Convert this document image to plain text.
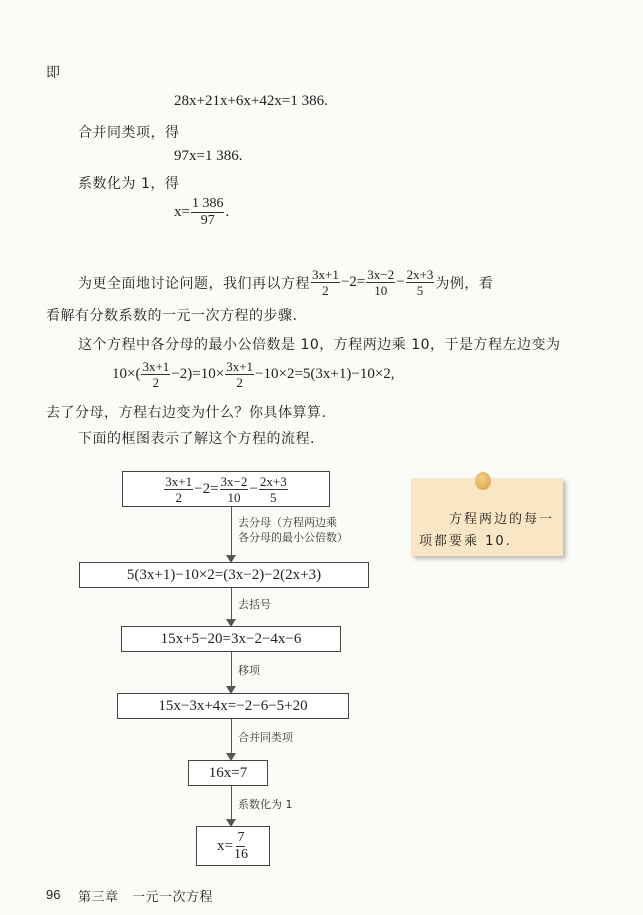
即
28x+21x+6x+42x=1 386.
合并同类项，得
97x=1 386.
系数化为 1，得
$x= \frac{1 386}{97}$ .
为更全面地讨论问题，我们再以方程 $\frac{3x+1}{2} -2= \frac{3x-2}{10} - \frac{2x+3}{5}$ 为例，看
看解有分数系数的一元一次方程的步骤.
这个方程中各分母的最小公倍数是 10，方程两边乘 10，于是方程左边变为
$10\times( \frac{3x+1}{2} -2)=10\times \frac{3x+1}{2} -10\times 2=5(3x+1)-10\times 2$,
去了分母，方程右边变为什么？你具体算算.
下面的框图表示了解这个方程的流程.
$\frac{3x+1}{2} -2= \frac{3x-2}{10} - \frac{2x+3}{5}$
去分母（方程两边乘
各分母的最小公倍数）
5(3x+1)−10×2=(3x−2)−2(2x+3)
去括号
15x+5−20=3x−2−4x−6
移项
15x−3x+4x=−2−6−5+20
合并同类项
16x=7
系数化为 1
$x= \frac{7}{16}$
方程两边的每一
项都要乘 10.
96 第三章　一元一次方程
